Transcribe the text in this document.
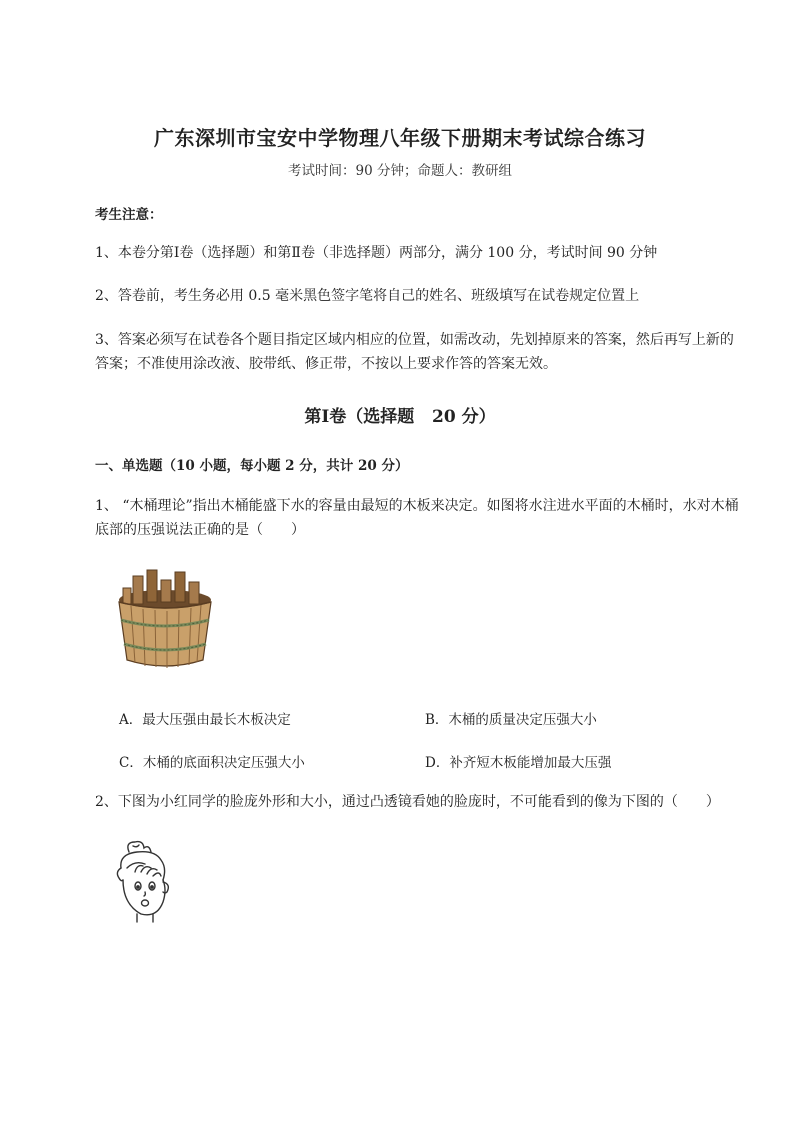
广东深圳市宝安中学物理八年级下册期末考试综合练习
考试时间：90 分钟；命题人：教研组
考生注意：
1、本卷分第Ⅰ卷（选择题）和第Ⅱ卷（非选择题）两部分，满分 100 分，考试时间 90 分钟
2、答卷前，考生务必用 0.5 毫米黑色签字笔将自己的姓名、班级填写在试卷规定位置上
3、答案必须写在试卷各个题目指定区域内相应的位置，如需改动，先划掉原来的答案，然后再写上新的答案；不准使用涂改液、胶带纸、修正带，不按以上要求作答的答案无效。
第Ⅰ卷（选择题   20 分）
一、单选题（10 小题，每小题 2 分，共计 20 分）
1、 “木桶理论”指出木桶能盛下水的容量由最短的木板来决定。如图将水注进水平面的木桶时，水对木桶底部的压强说法正确的是（　　）
A．最大压强由最长木板决定	B．木桶的质量决定压强大小
C．木桶的底面积决定压强大小	D．补齐短木板能增加最大压强
2、下图为小红同学的脸庞外形和大小，通过凸透镜看她的脸庞时，不可能看到的像为下图的（　　）
